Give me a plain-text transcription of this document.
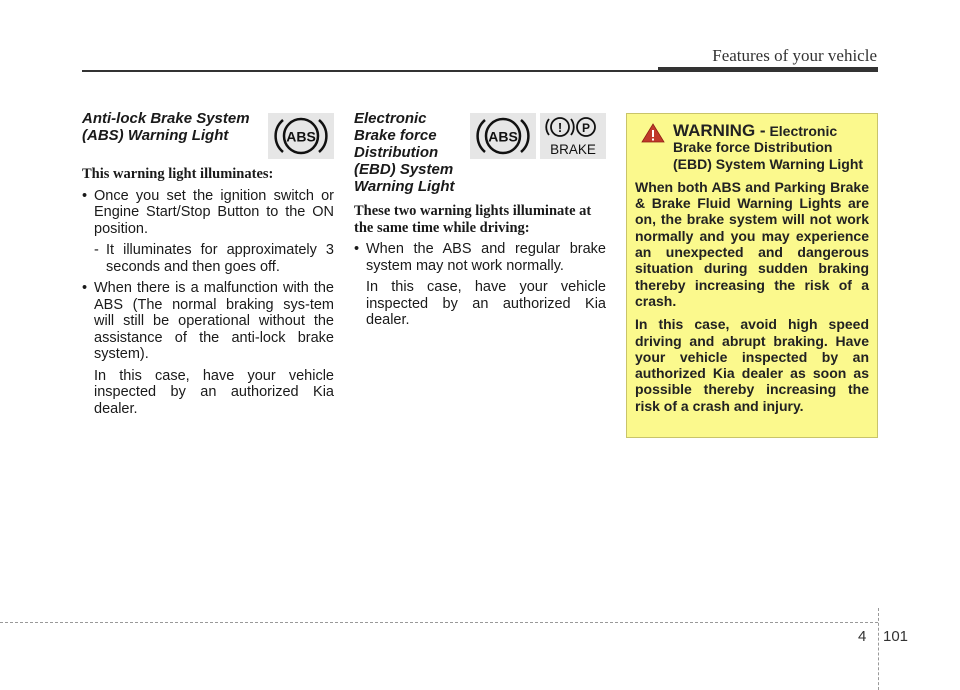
Features of your vehicle
Anti-lock Brake System (ABS) Warning Light

This warning light illuminates:

• Once you set the ignition switch or Engine Start/Stop Button to the ON position.

- It illuminates for approximately 3 seconds and then goes off.

• When there is a malfunction with the ABS (The normal braking sys-tem will still be operational without the assistance of the anti-lock brake system).

In this case, have your vehicle inspected by an authorized Kia dealer.

ABS
Electronic Brake force Distribution (EBD) System Warning Light

These two warning lights illuminate at the same time while driving:

• When the ABS and regular brake system may not work normally.

In this case, have your vehicle inspected by an authorized Kia dealer.

ABS
! P
BRAKE
WARNING - Electronic Brake force Distribution (EBD) System Warning Light

When both ABS and Parking Brake & Brake Fluid Warning Lights are on, the brake system will not work normally and you may experience an unexpected and dangerous situation during sudden braking thereby increasing the risk of a crash.

In this case, avoid high speed driving and abrupt braking. Have your vehicle inspected by an authorized Kia dealer as soon as possible thereby increasing the risk of a crash and injury.

4 101
